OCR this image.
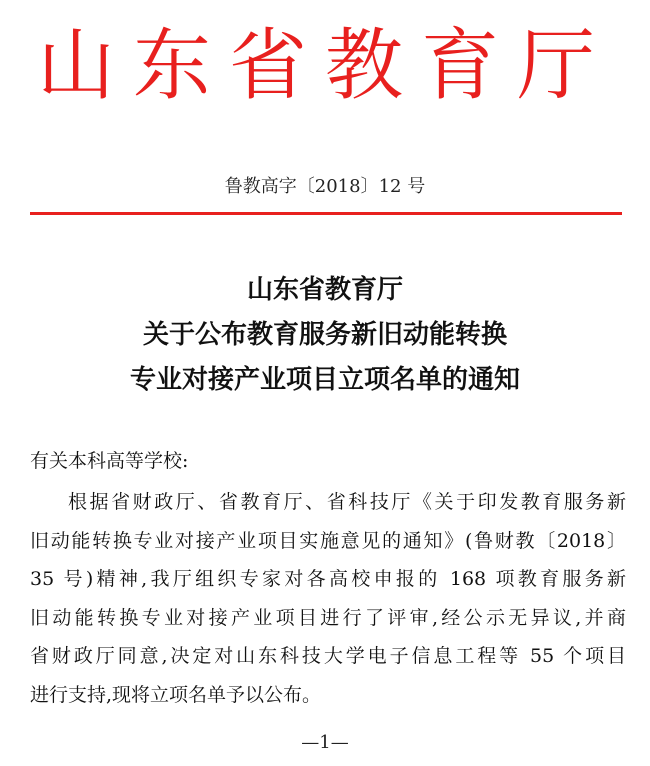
山东省教育厅
鲁教高字〔2018〕12 号
山东省教育厅
关于公布教育服务新旧动能转换
专业对接产业项目立项名单的通知
有关本科高等学校:
根据省财政厅、省教育厅、省科技厅《关于印发教育服务新
旧动能转换专业对接产业项目实施意见的通知》(鲁财教〔2018〕
35 号)精神,我厅组织专家对各高校申报的 168 项教育服务新
旧动能转换专业对接产业项目进行了评审,经公示无异议,并商
省财政厅同意,决定对山东科技大学电子信息工程等 55 个项目
进行支持,现将立项名单予以公布。
—1—
